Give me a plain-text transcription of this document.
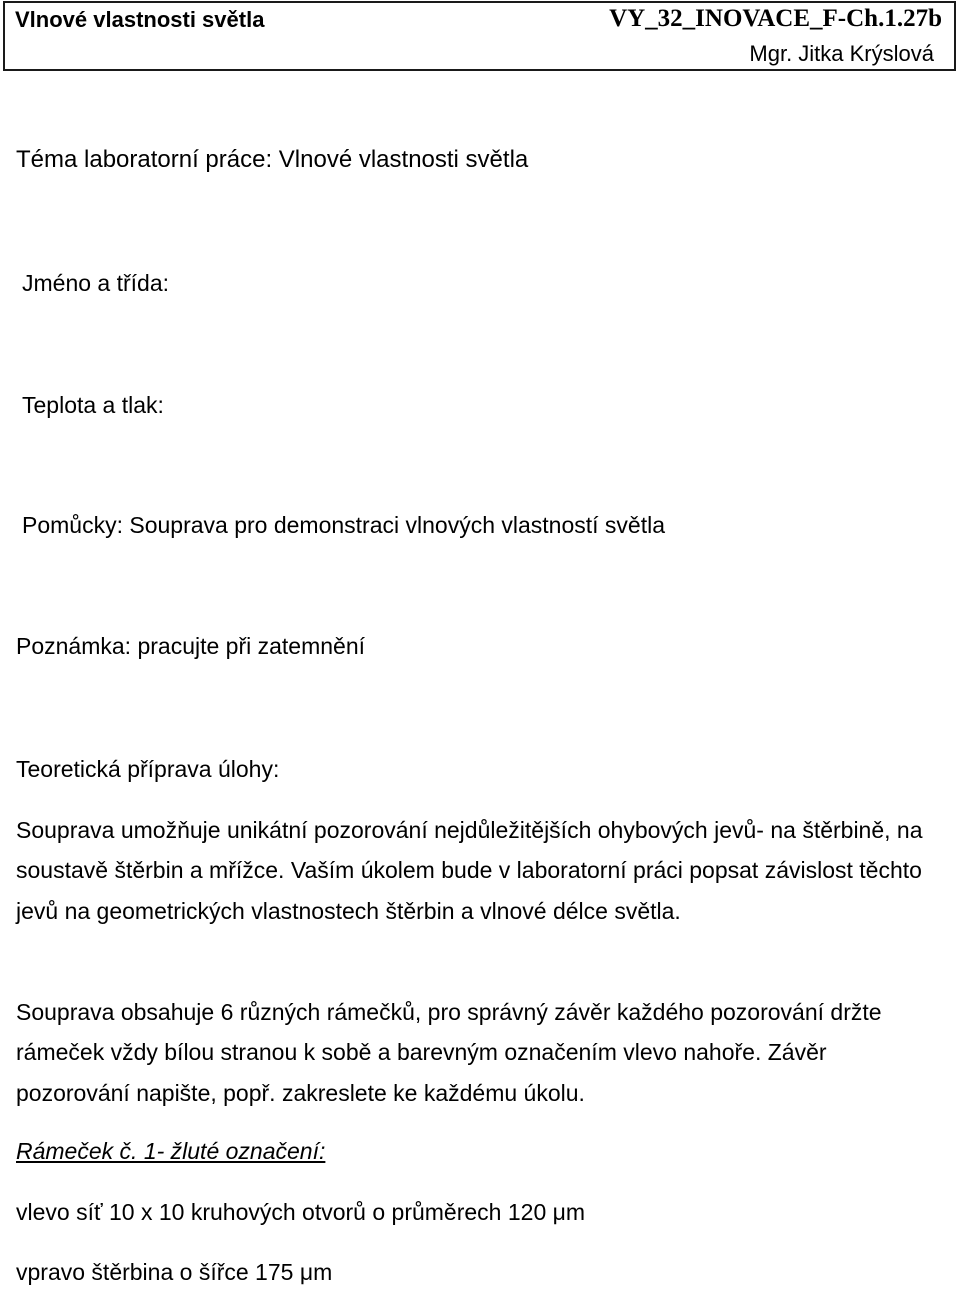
Vlnové vlastnosti světla	VY_32_INOVACE_F-Ch.1.27b
Mgr. Jitka Krýslová
Téma laboratorní práce: Vlnové vlastnosti světla
Jméno a třída:
Teplota a tlak:
Pomůcky: Souprava pro demonstraci vlnových vlastností světla
Poznámka: pracujte při zatemnění
Teoretická příprava úlohy:
Souprava umožňuje unikátní pozorování nejdůležitějších ohybových jevů- na štěrbině, na soustavě štěrbin a mřížce. Vaším úkolem bude v laboratorní práci popsat závislost těchto jevů na geometrických vlastnostech štěrbin a vlnové délce světla.
Souprava obsahuje 6 různých rámečků, pro správný závěr každého pozorování držte rámeček vždy bílou stranou k sobě a barevným označením vlevo nahoře. Závěr pozorování napište, popř. zakreslete ke každému úkolu.
Rámeček č. 1- žluté označení:
vlevo síť 10 x 10 kruhových otvorů o průměrech 120 μm
vpravo štěrbina o šířce 175 μm
